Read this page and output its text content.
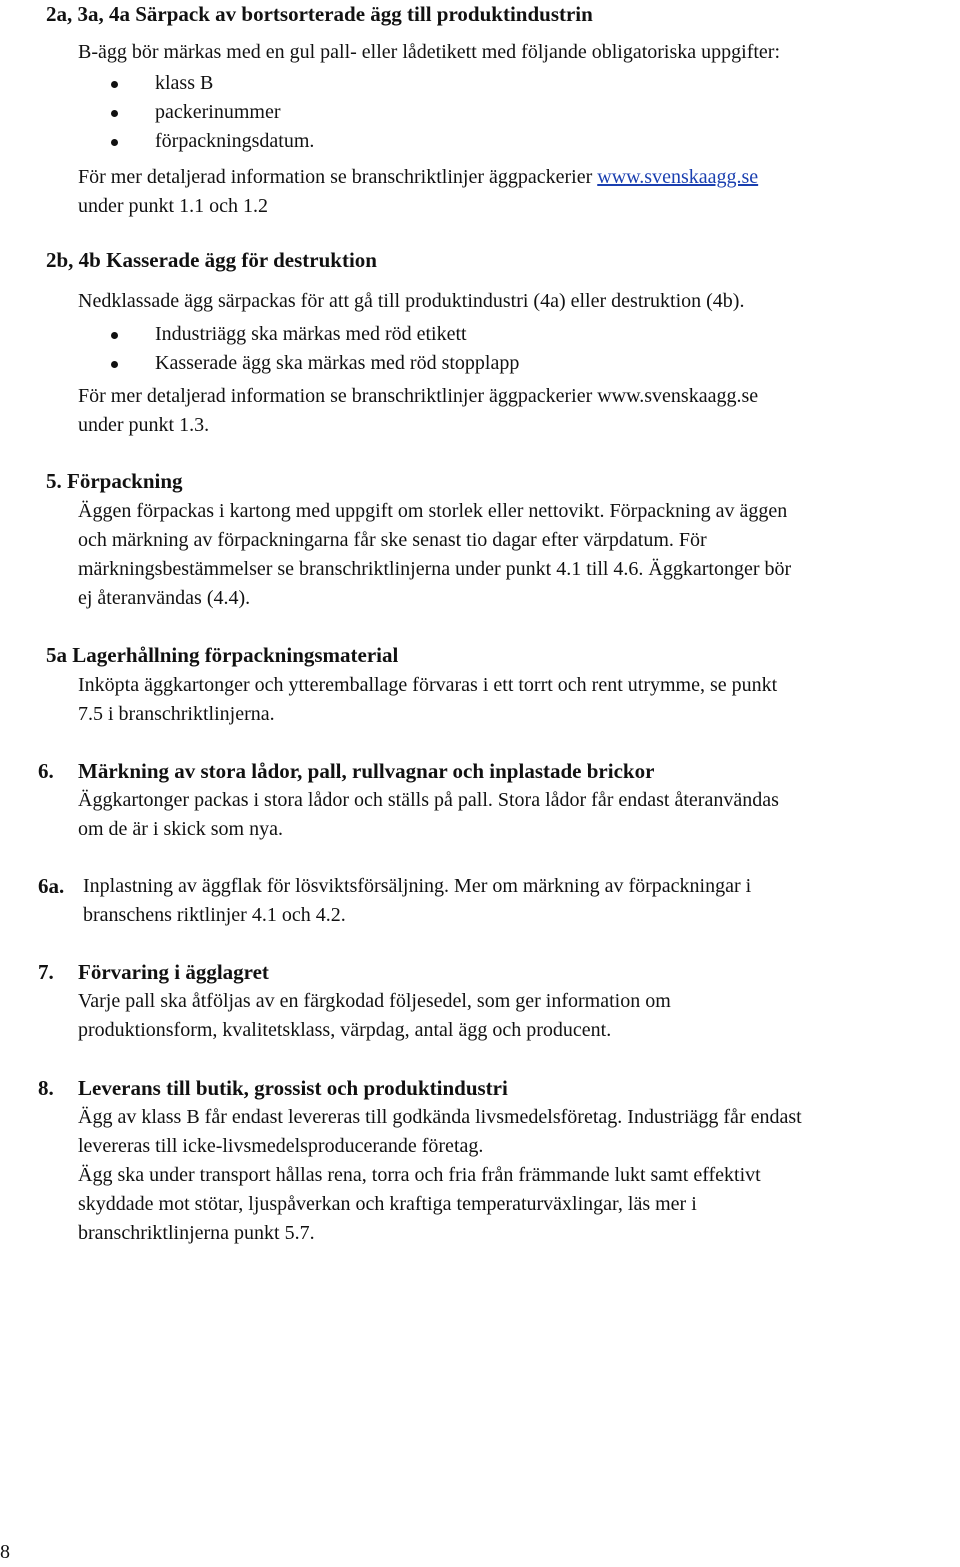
2a, 3a, 4a Särpack av bortsorterade ägg till produktindustrin
B-ägg bör märkas med en gul pall- eller lådetikett med följande obligatoriska uppgifter:
klass B
packerinummer
förpackningsdatum.
För mer detaljerad information se branschriktlinjer äggpackerier www.svenskaagg.se
under punkt 1.1 och 1.2
2b, 4b Kasserade ägg för destruktion
Nedklassade ägg särpackas för att gå till produktindustri (4a) eller destruktion (4b).
Industriägg ska märkas med röd etikett
Kasserade ägg ska märkas med röd stopplapp
För mer detaljerad information se branschriktlinjer äggpackerier www.svenskaagg.se
under punkt 1.3.
5. Förpackning
Äggen förpackas i kartong med uppgift om storlek eller nettovikt. Förpackning av äggen
och märkning av förpackningarna får ske senast tio dagar efter värpdatum. För
märkningsbestämmelser se branschriktlinjerna under punkt 4.1 till 4.6. Äggkartonger bör
ej återanvändas (4.4).
5a Lagerhållning förpackningsmaterial
Inköpta äggkartonger och ytteremballage förvaras i ett torrt och rent utrymme, se punkt
7.5 i branschriktlinjerna.
6. Märkning av stora lådor, pall, rullvagnar och inplastade brickor
Äggkartonger packas i stora lådor och ställs på pall. Stora lådor får endast återanvändas
om de är i skick som nya.
6a. Inplastning av äggflak för lösviktsförsäljning. Mer om märkning av förpackningar i
branschens riktlinjer 4.1 och 4.2.
7. Förvaring i ägglagret
Varje pall ska åtföljas av en färgkodad följesedel, som ger information om
produktionsform, kvalitetsklass, värpdag, antal ägg och producent.
8. Leverans till butik, grossist och produktindustri
Ägg av klass B får endast levereras till godkända livsmedelsföretag. Industriägg får endast
levereras till icke-livsmedelsproducerande företag.
Ägg ska under transport hållas rena, torra och fria från främmande lukt samt effektivt
skyddade mot stötar, ljuspåverkan och kraftiga temperaturväxlingar, läs mer i
branschriktlinjerna punkt 5.7.
8
